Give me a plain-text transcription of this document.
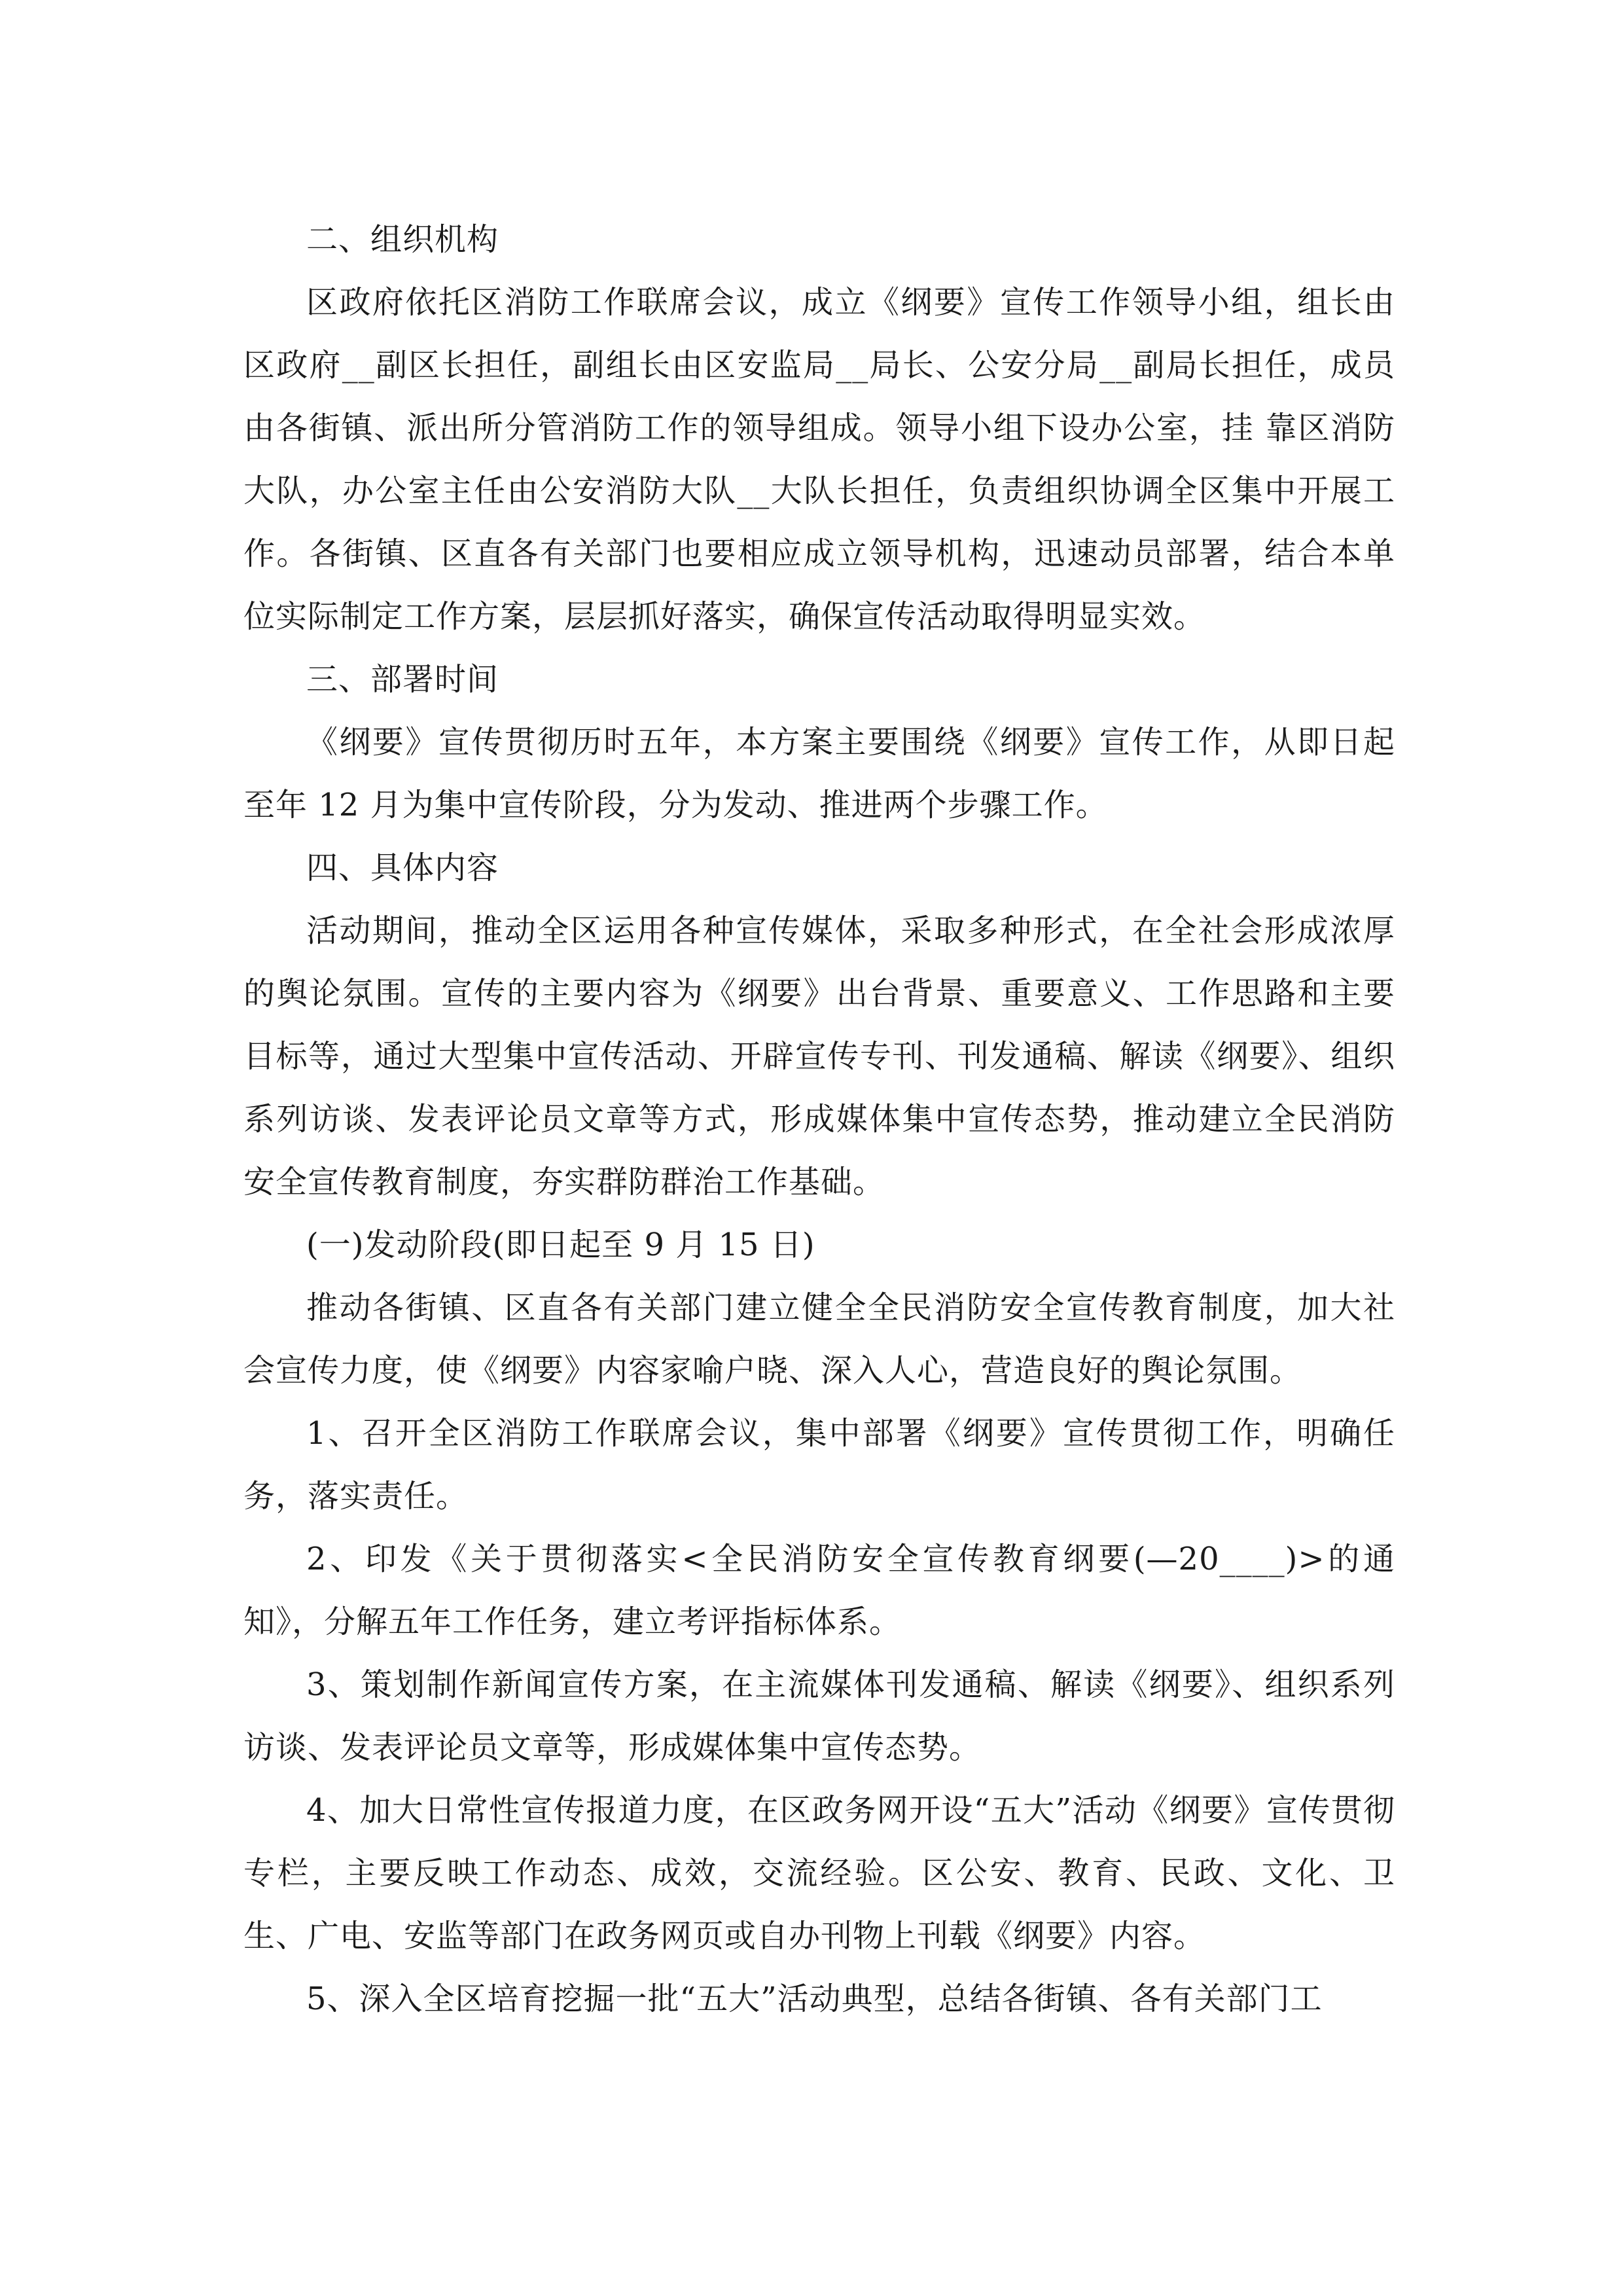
二、组织机构

区政府依托区消防工作联席会议，成立《纲要》宣传工作领导小组，组长由区政府__副区长担任，副组长由区安监局__局长、公安分局__副局长担任，成员由各街镇、派出所分管消防工作的领导组成。领导小组下设办公室，挂 靠区消防大队，办公室主任由公安消防大队__大队长担任，负责组织协调全区集中开展工作。各街镇、区直各有关部门也要相应成立领导机构，迅速动员部署，结合本单位实际制定工作方案，层层抓好落实，确保宣传活动取得明显实效。

三、部署时间

《纲要》宣传贯彻历时五年，本方案主要围绕《纲要》宣传工作，从即日起至年 12 月为集中宣传阶段，分为发动、推进两个步骤工作。

四、具体内容

活动期间，推动全区运用各种宣传媒体，采取多种形式，在全社会形成浓厚的舆论氛围。宣传的主要内容为《纲要》出台背景、重要意义、工作思路和主要目标等，通过大型集中宣传活动、开辟宣传专刊、刊发通稿、解读《纲要》、组织系列访谈、发表评论员文章等方式，形成媒体集中宣传态势，推动建立全民消防安全宣传教育制度，夯实群防群治工作基础。

(一)发动阶段(即日起至 9 月 15 日)

推动各街镇、区直各有关部门建立健全全民消防安全宣传教育制度，加大社会宣传力度，使《纲要》内容家喻户晓、深入人心，营造良好的舆论氛围。

1、召开全区消防工作联席会议，集中部署《纲要》宣传贯彻工作，明确任务，落实责任。

2、印发《关于贯彻落实<全民消防安全宣传教育纲要(—20____)>的通知》，分解五年工作任务，建立考评指标体系。

3、策划制作新闻宣传方案，在主流媒体刊发通稿、解读《纲要》、组织系列访谈、发表评论员文章等，形成媒体集中宣传态势。

4、加大日常性宣传报道力度，在区政务网开设“五大”活动《纲要》宣传贯彻专栏，主要反映工作动态、成效，交流经验。区公安、教育、民政、文化、卫生、广电、安监等部门在政务网页或自办刊物上刊载《纲要》内容。

5、深入全区培育挖掘一批“五大”活动典型，总结各街镇、各有关部门工
